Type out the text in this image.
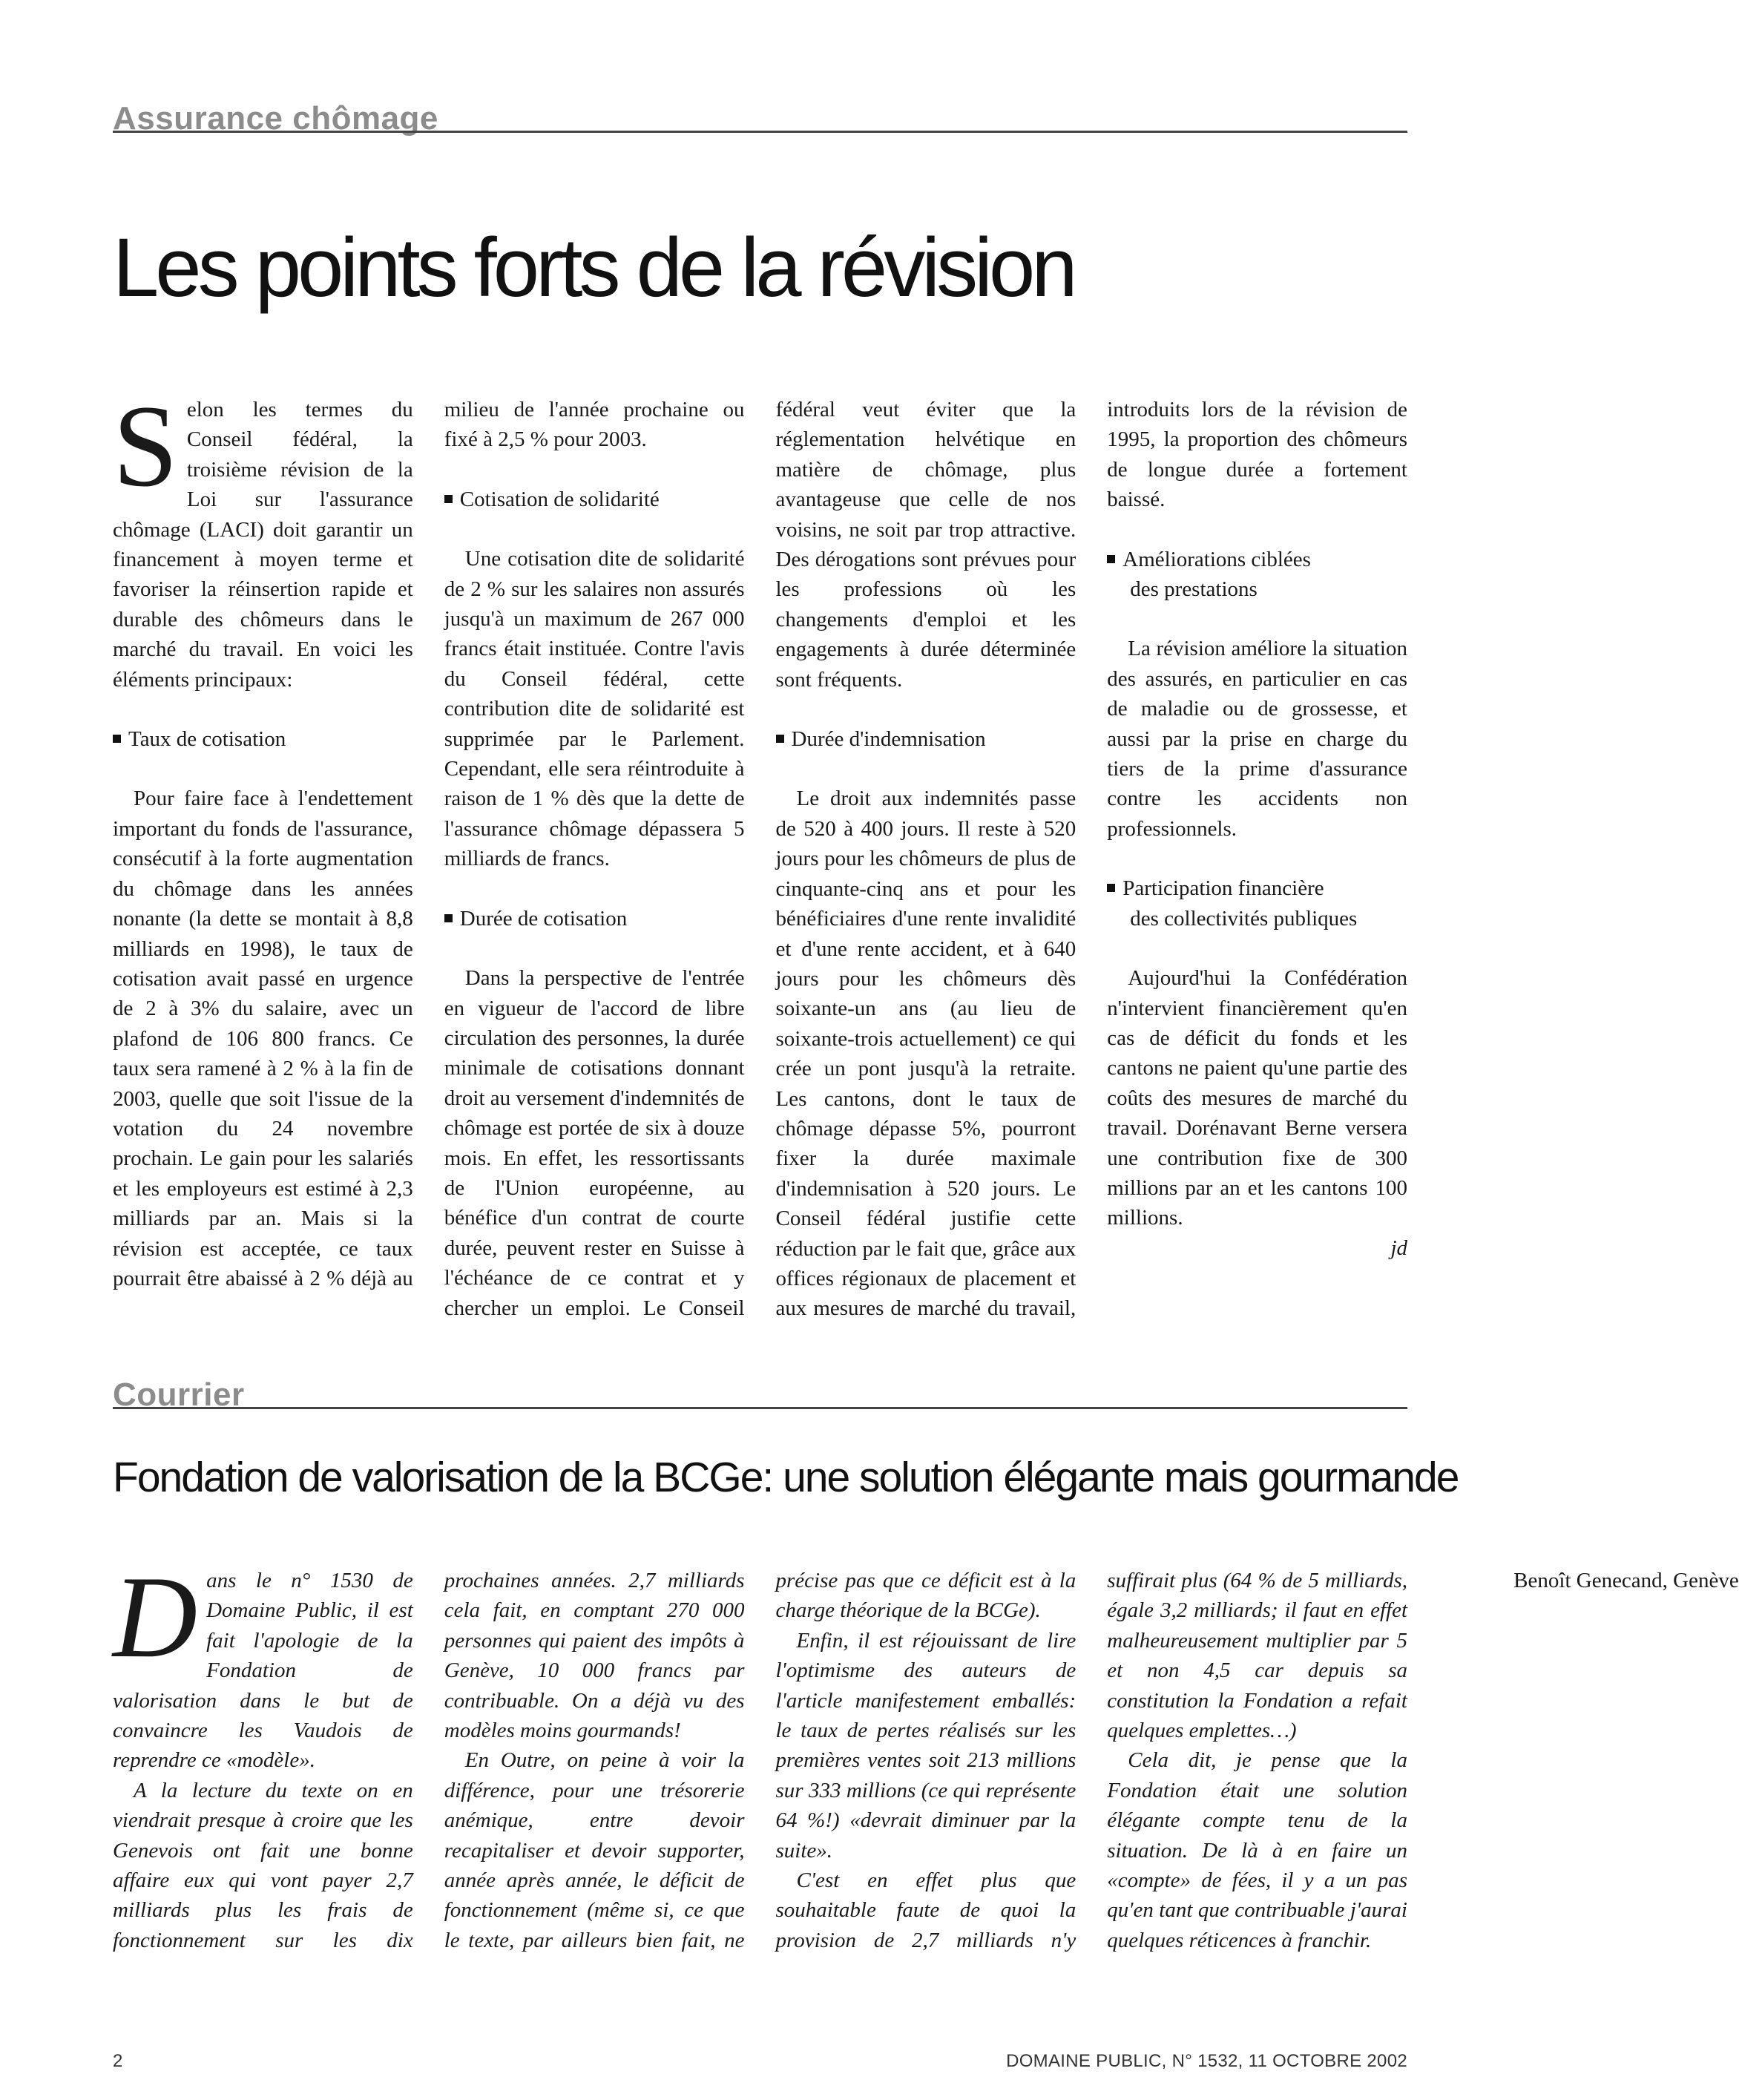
Assurance chômage
Les points forts de la révision

Selon les termes du Conseil fédéral, la troisième révision de la Loi sur l'assurance chômage (LACI) doit garantir un financement à moyen terme et favoriser la réinsertion rapide et durable des chômeurs dans le marché du travail. En voici les éléments principaux:

Taux de cotisation

Pour faire face à l'endettement important du fonds de l'assurance, consécutif à la forte augmentation du chômage dans les années nonante (la dette se montait à 8,8 milliards en 1998), le taux de cotisation avait passé en urgence de 2 à 3% du salaire, avec un plafond de 106 800 francs. Ce taux sera ramené à 2 % à la fin de 2003, quelle que soit l'issue de la votation du 24 novembre prochain. Le gain pour les salariés et les employeurs est estimé à 2,3 milliards par an. Mais si la révision est acceptée, ce taux pourrait être abaissé à 2 % déjà au milieu de l'année prochaine ou fixé à 2,5 % pour 2003.

Cotisation de solidarité

Une cotisation dite de solidarité de 2 % sur les salaires non assurés jusqu'à un maximum de 267 000 francs était instituée. Contre l'avis du Conseil fédéral, cette contribution dite de solidarité est supprimée par le Parlement. Cependant, elle sera réintroduite à raison de 1 % dès que la dette de l'assurance chômage dépassera 5 milliards de francs.

Durée de cotisation

Dans la perspective de l'entrée en vigueur de l'accord de libre circulation des personnes, la durée minimale de cotisations donnant droit au versement d'indemnités de chômage est portée de six à douze mois. En effet, les ressortissants de l'Union européenne, au bénéfice d'un contrat de courte durée, peuvent rester en Suisse à l'échéance de ce contrat et y chercher un emploi. Le Conseil fédéral veut éviter que la réglementation helvétique en matière de chômage, plus avantageuse que celle de nos voisins, ne soit par trop attractive. Des dérogations sont prévues pour les professions où les changements d'emploi et les engagements à durée déterminée sont fréquents.

Durée d'indemnisation

Le droit aux indemnités passe de 520 à 400 jours. Il reste à 520 jours pour les chômeurs de plus de cinquante-cinq ans et pour les bénéficiaires d'une rente invalidité et d'une rente accident, et à 640 jours pour les chômeurs dès soixante-un ans (au lieu de soixante-trois actuellement) ce qui crée un pont jusqu'à la retraite. Les cantons, dont le taux de chômage dépasse 5%, pourront fixer la durée maximale d'indemnisation à 520 jours. Le Conseil fédéral justifie cette réduction par le fait que, grâce aux offices régionaux de placement et aux mesures de marché du travail, introduits lors de la révision de 1995, la proportion des chômeurs de longue durée a fortement baissé.

Améliorations ciblées
des prestations

La révision améliore la situation des assurés, en particulier en cas de maladie ou de grossesse, et aussi par la prise en charge du tiers de la prime d'assurance contre les accidents non professionnels.

Participation financière
des collectivités publiques

Aujourd'hui la Confédération n'intervient financièrement qu'en cas de déficit du fonds et les cantons ne paient qu'une partie des coûts des mesures de marché du travail. Dorénavant Berne versera une contribution fixe de 300 millions par an et les cantons 100 millions.

jd
Courrier
Fondation de valorisation de la BCGe: une solution élégante mais gourmande

Dans le n° 1530 de Domaine Public, il est fait l'apologie de la Fondation de valorisation dans le but de convaincre les Vaudois de reprendre ce «modèle».

A la lecture du texte on en viendrait presque à croire que les Genevois ont fait une bonne affaire eux qui vont payer 2,7 milliards plus les frais de fonctionnement sur les dix prochaines années. 2,7 milliards cela fait, en comptant 270 000 personnes qui paient des impôts à Genève, 10 000 francs par contribuable. On a déjà vu des modèles moins gourmands!

En Outre, on peine à voir la différence, pour une trésorerie anémique, entre devoir recapitaliser et devoir supporter, année après année, le déficit de fonctionnement (même si, ce que le texte, par ailleurs bien fait, ne précise pas que ce déficit est à la charge théorique de la BCGe).

Enfin, il est réjouissant de lire l'optimisme des auteurs de l'article manifestement emballés: le taux de pertes réalisés sur les premières ventes soit 213 millions sur 333 millions (ce qui représente 64 %!) «devrait diminuer par la suite».

C'est en effet plus que souhaitable faute de quoi la provision de 2,7 milliards n'y suffirait plus (64 % de 5 milliards, égale 3,2 milliards; il faut en effet malheureusement multiplier par 5 et non 4,5 car depuis sa constitution la Fondation a refait quelques emplettes…)

Cela dit, je pense que la Fondation était une solution élégante compte tenu de la situation. De là à en faire un «compte» de fées, il y a un pas qu'en tant que contribuable j'aurai quelques réticences à franchir.

Benoît Genecand, Genève

2	DOMAINE PUBLIC, N° 1532, 11 OCTOBRE 2002
